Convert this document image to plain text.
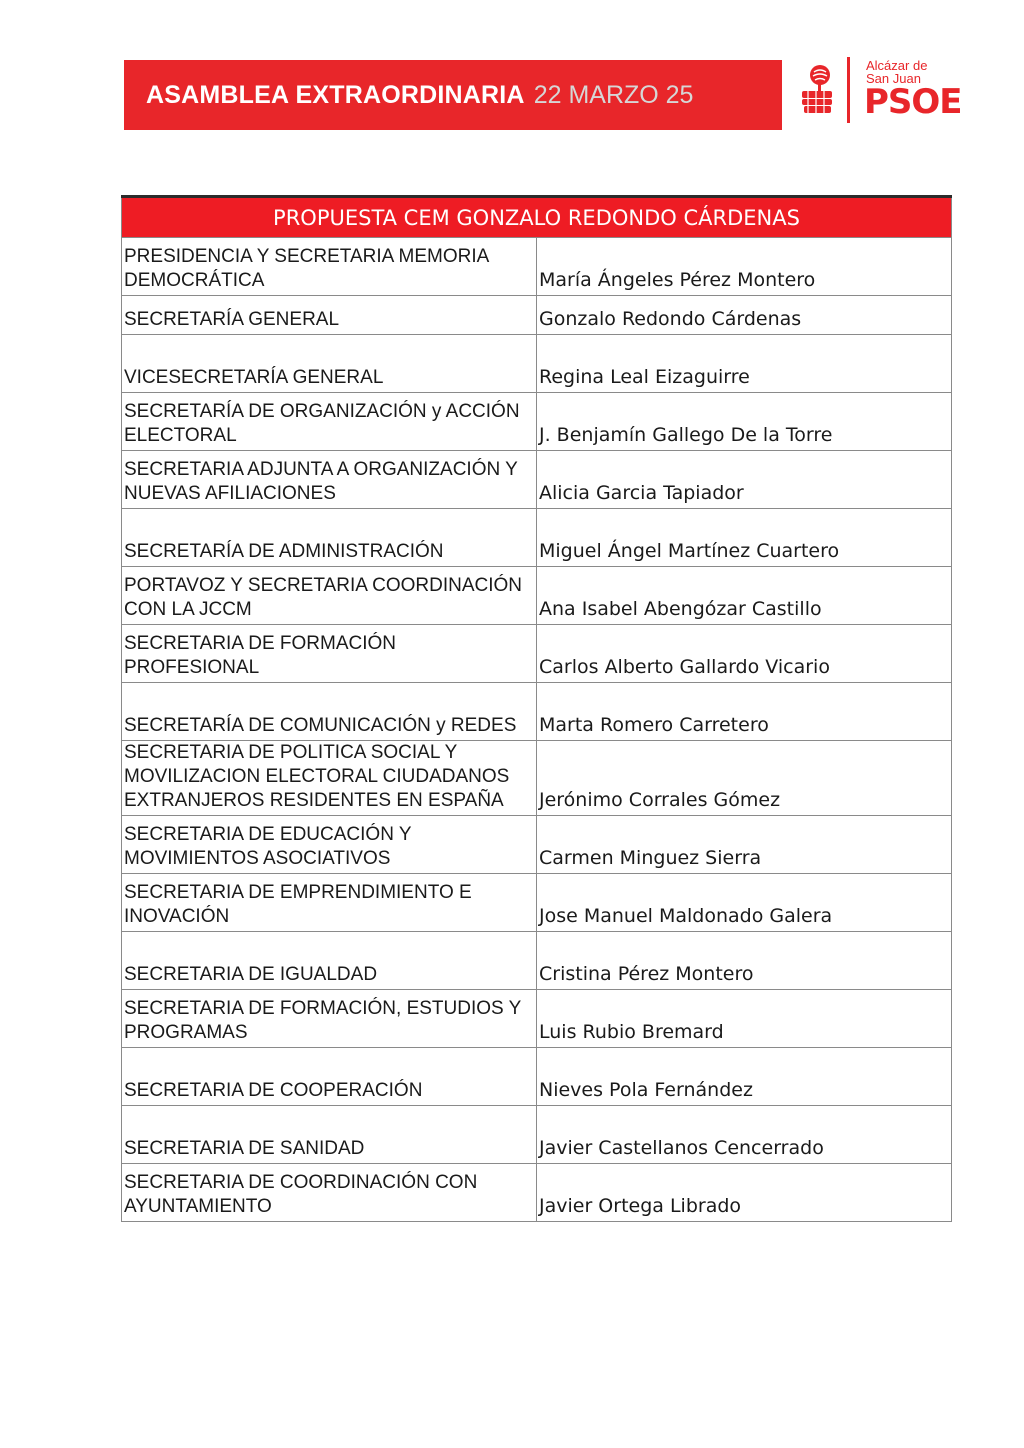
ASAMBLEA EXTRAORDINARIA 22 MARZO 25
Alcázar de
San Juan
PSOE
PROPUESTA CEM GONZALO REDONDO CÁRDENAS	
PRESIDENCIA Y SECRETARIA MEMORIA DEMOCRÁTICA	María Ángeles Pérez Montero
SECRETARÍA GENERAL	Gonzalo Redondo Cárdenas
VICESECRETARÍA GENERAL	Regina Leal Eizaguirre
SECRETARÍA DE ORGANIZACIÓN y ACCIÓN ELECTORAL	J. Benjamín Gallego De la Torre
SECRETARIA ADJUNTA A ORGANIZACIÓN Y NUEVAS AFILIACIONES	Alicia Garcia Tapiador
SECRETARÍA DE ADMINISTRACIÓN	Miguel Ángel Martínez Cuartero
PORTAVOZ Y SECRETARIA COORDINACIÓN CON LA JCCM	Ana Isabel Abengózar Castillo
SECRETARIA DE FORMACIÓN PROFESIONAL	Carlos Alberto Gallardo Vicario
SECRETARÍA DE COMUNICACIÓN y REDES	Marta Romero Carretero
SECRETARIA DE POLITICA SOCIAL Y MOVILIZACION ELECTORAL CIUDADANOS EXTRANJEROS RESIDENTES EN ESPAÑA	Jerónimo Corrales Gómez
SECRETARIA DE EDUCACIÓN Y MOVIMIENTOS ASOCIATIVOS	Carmen Minguez Sierra
SECRETARIA DE EMPRENDIMIENTO E INOVACIÓN	Jose Manuel Maldonado Galera
SECRETARIA DE IGUALDAD	Cristina Pérez Montero
SECRETARIA DE FORMACIÓN, ESTUDIOS Y PROGRAMAS	Luis Rubio Bremard
SECRETARIA DE COOPERACIÓN	Nieves Pola Fernández
SECRETARIA DE SANIDAD	Javier Castellanos Cencerrado
SECRETARIA DE COORDINACIÓN CON AYUNTAMIENTO	Javier Ortega Librado
